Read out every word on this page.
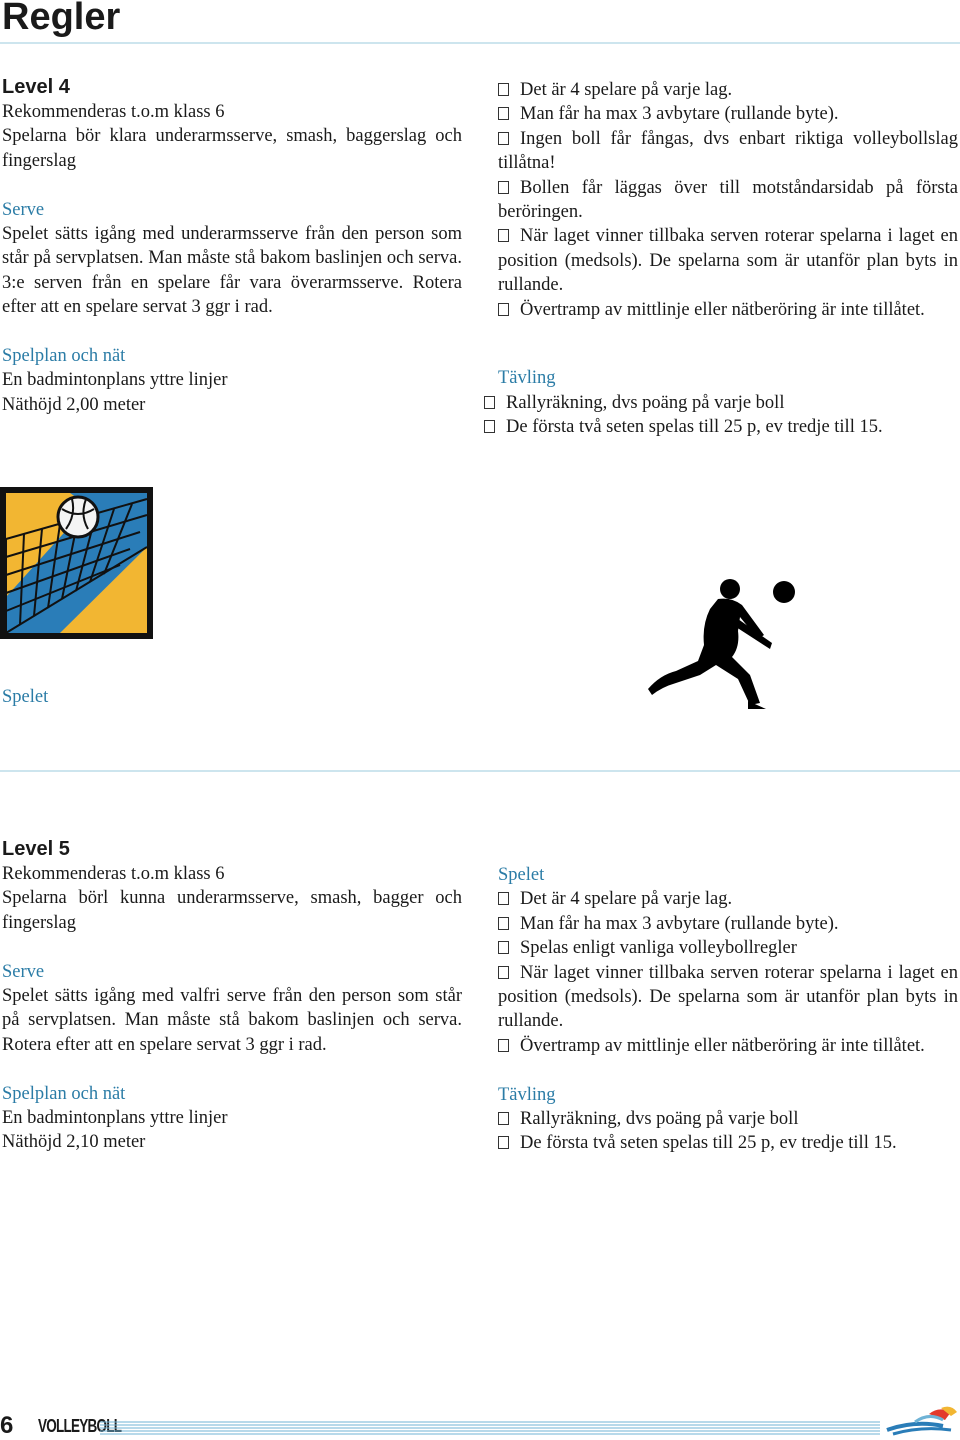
Regler

Level 4

Rekommenderas t.o.m klass 6

Spelarna bör klara underarmsserve, smash, baggerslag och fingerslag

Serve

Spelet sätts igång med underarmsserve från den person som står på servplatsen. Man måste stå bakom baslinjen och serva. 3:e serven från en spelare får vara överarmsserve. Rotera efter att en spelare servat 3 ggr i rad.

Spelplan och nät

En badmintonplans yttre linjer

Näthöjd 2,00 meter

Det är 4 spelare på varje lag.

Man får ha max 3 avbytare (rullande byte).

Ingen boll får fångas, dvs enbart riktiga volleybollslag tillåtna!

Bollen får läggas över till motståndarsidab på första beröringen.

När laget vinner tillbaka serven roterar spelarna i laget en position (medsols). De spelarna som är utanför plan byts in rullande.

Övertramp av mittlinje eller nätberöring är inte tillåtet.

Tävling

Rallyräkning, dvs poäng på varje boll

De första två seten spelas till 25 p, ev tredje till 15.

Spelet

Level 5

Rekommenderas t.o.m klass 6

Spelarna börl kunna underarmsserve, smash, bagger och fingerslag

Serve

Spelet sätts igång med valfri serve från den person som står på servplatsen. Man måste stå bakom baslinjen och serva. Rotera efter att en spelare servat 3 ggr i rad.

Spelplan och nät

En badmintonplans yttre linjer

Näthöjd 2,10 meter

Spelet

Det är 4 spelare på varje lag.

Man får ha max 3 avbytare (rullande byte).

Spelas enligt vanliga volleybollregler

När laget vinner tillbaka serven roterar spelarna i laget en position (medsols). De spelarna som är utanför plan byts in rullande.

Övertramp av mittlinje eller nätberöring är inte tillåtet.

Tävling

Rallyräkning, dvs poäng på varje boll

De första två seten spelas till 25 p, ev tredje till 15.

6 VOLLEYBOLL
